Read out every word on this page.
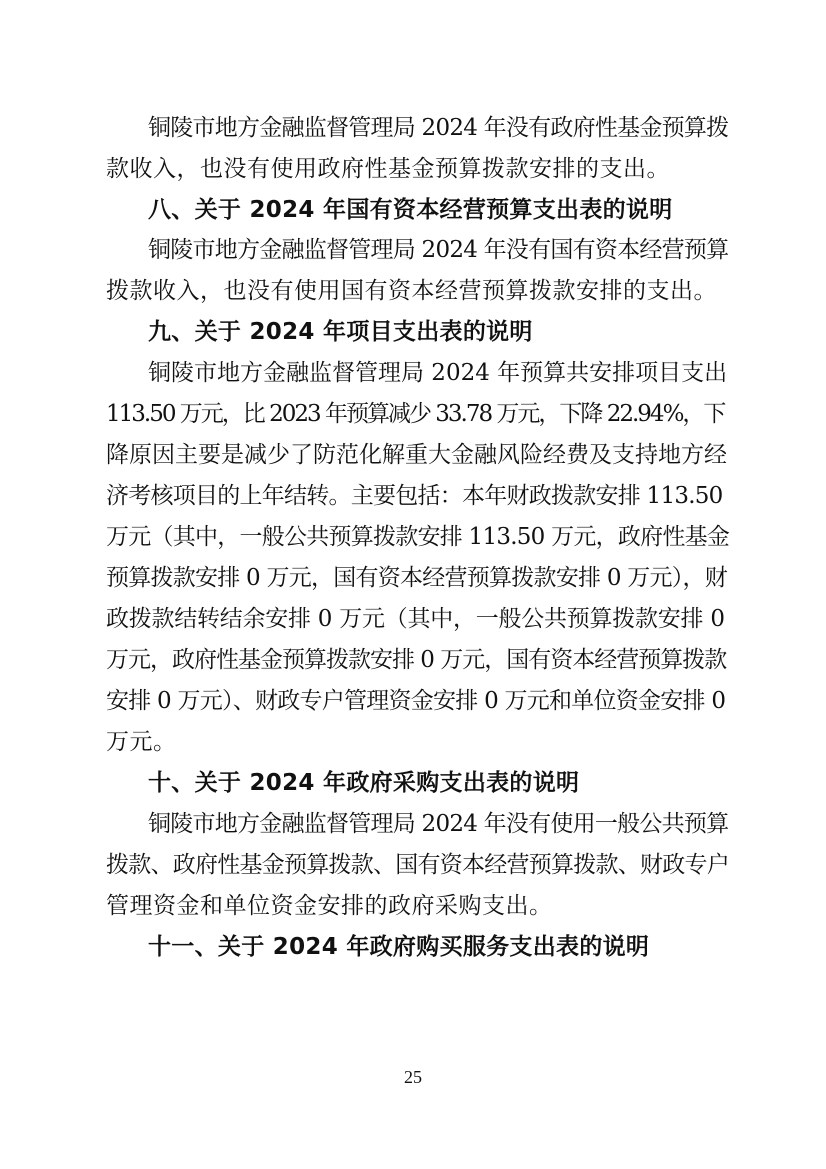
铜陵市地方金融监督管理局 2024 年没有政府性基金预算拨
款收入，也没有使用政府性基金预算拨款安排的支出。
八、关于 2024 年国有资本经营预算支出表的说明
铜陵市地方金融监督管理局 2024 年没有国有资本经营预算
拨款收入，也没有使用国有资本经营预算拨款安排的支出。
九、关于 2024 年项目支出表的说明
铜陵市地方金融监督管理局 2024 年预算共安排项目支出
113.50 万元，比 2023 年预算减少 33.78 万元，下降 22.94%，下
降原因主要是减少了防范化解重大金融风险经费及支持地方经
济考核项目的上年结转。主要包括：本年财政拨款安排 113.50
万元（其中，一般公共预算拨款安排 113.50 万元，政府性基金
预算拨款安排 0 万元，国有资本经营预算拨款安排 0 万元），财
政拨款结转结余安排 0 万元（其中，一般公共预算拨款安排 0
万元，政府性基金预算拨款安排 0 万元，国有资本经营预算拨款
安排 0 万元）、财政专户管理资金安排 0 万元和单位资金安排 0
万元。
十、关于 2024 年政府采购支出表的说明
铜陵市地方金融监督管理局 2024 年没有使用一般公共预算
拨款、政府性基金预算拨款、国有资本经营预算拨款、财政专户
管理资金和单位资金安排的政府采购支出。
十一、关于 2024 年政府购买服务支出表的说明
25
